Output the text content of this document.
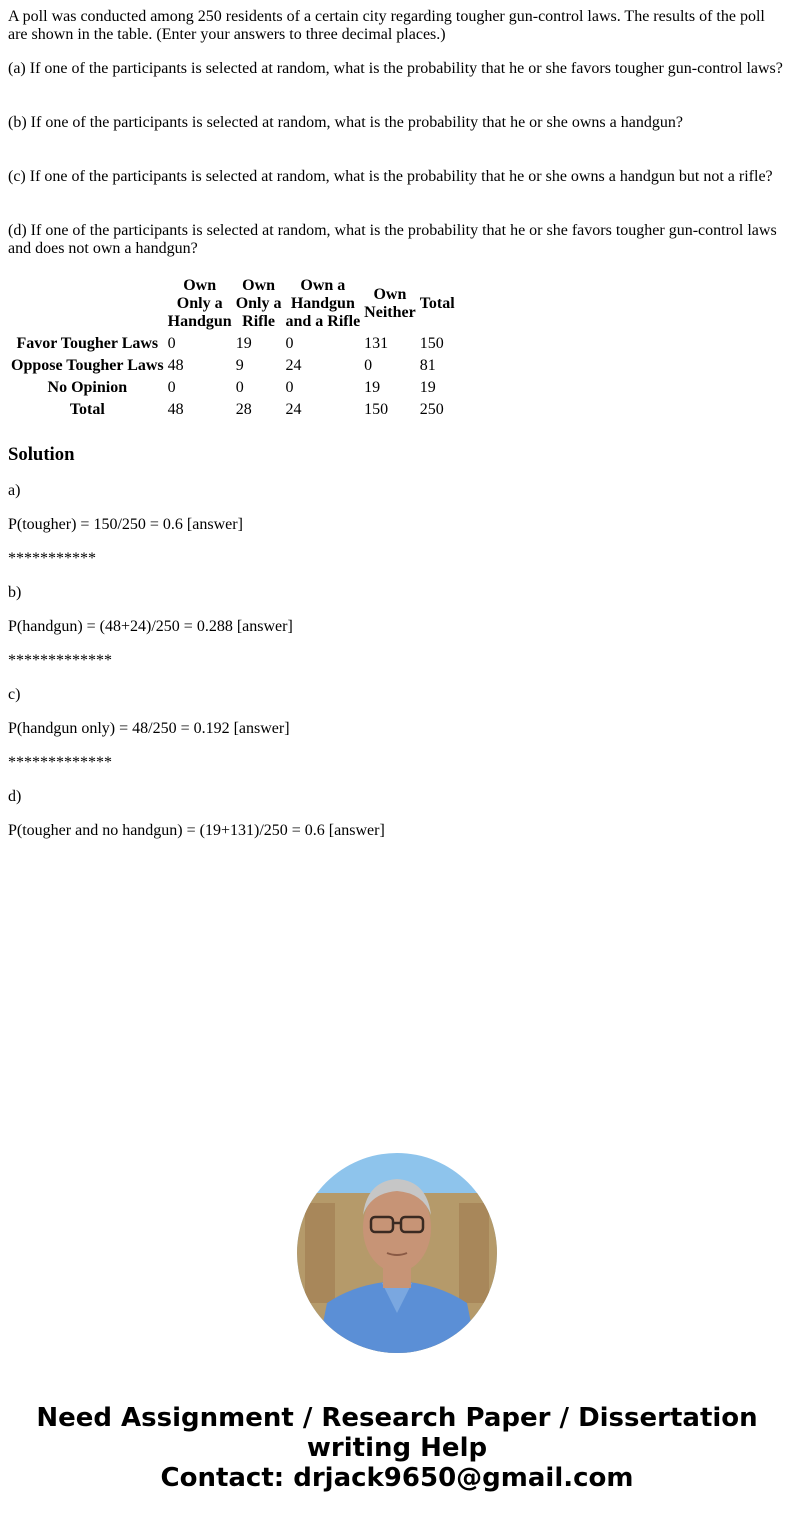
A poll was conducted among 250 residents of a certain city regarding tougher gun-control laws. The results of the poll are shown in the table. (Enter your answers to three decimal places.)

(a) If one of the participants is selected at random, what is the probability that he or she favors tougher gun-control laws?

(b) If one of the participants is selected at random, what is the probability that he or she owns a handgun?

(c) If one of the participants is selected at random, what is the probability that he or she owns a handgun but not a rifle?

(d) If one of the participants is selected at random, what is the probability that he or she favors tougher gun-control laws and does not own a handgun?

	Own
Only a
Handgun	Own
Only a
Rifle	Own a
Handgun
and a Rifle	Own
Neither	Total
Favor Tougher Laws	0	19	0	131	150
Oppose Tougher Laws	48	9	24	0	81
No Opinion	0	0	0	19	19
Total	48	28	24	150	250
Solution

a)

P(tougher) = 150/250 = 0.6 [answer]

***********

b)

P(handgun) = (48+24)/250 = 0.288 [answer]

*************

c)

P(handgun only) = 48/250 = 0.192 [answer]

*************

d)

P(tougher and no handgun) = (19+131)/250 = 0.6 [answer]

Need Assignment / Research Paper / Dissertation
writing Help
Contact: drjack9650@gmail.com
